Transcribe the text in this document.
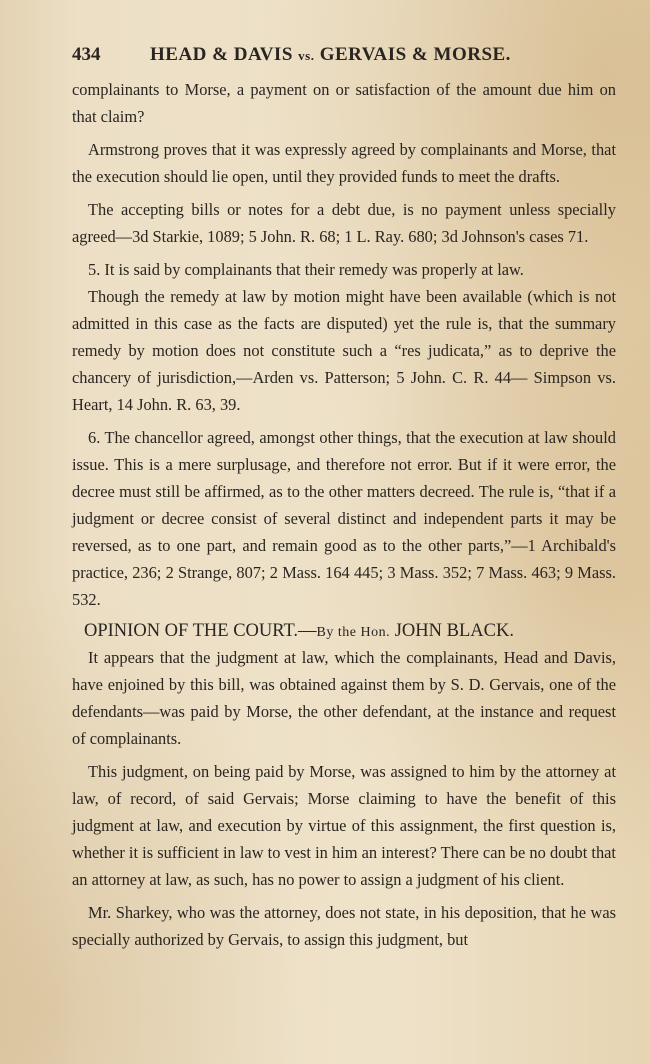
434	HEAD & DAVIS vs. GERVAIS & MORSE.

complainants to Morse, a payment on or satisfaction of the amount due him on that claim?

Armstrong proves that it was expressly agreed by complainants and Morse, that the execution should lie open, until they provided funds to meet the drafts.

The accepting bills or notes for a debt due, is no payment unless specially agreed—3d Starkie, 1089; 5 John. R. 68; 1 L. Ray. 680; 3d Johnson's cases 71.

5. It is said by complainants that their remedy was properly at law.

Though the remedy at law by motion might have been available (which is not admitted in this case as the facts are disputed) yet the rule is, that the summary remedy by motion does not constitute such a “res judicata,” as to deprive the chancery of jurisdiction,—Arden vs. Patterson; 5 John. C. R. 44— Simpson vs. Heart, 14 John. R. 63, 39.

6. The chancellor agreed, amongst other things, that the execution at law should issue. This is a mere surplusage, and therefore not error. But if it were error, the decree must still be affirmed, as to the other matters decreed. The rule is, “that if a judgment or decree consist of several distinct and independent parts it may be reversed, as to one part, and remain good as to the other parts,”—1 Archibald's practice, 236; 2 Strange, 807; 2 Mass. 164 445; 3 Mass. 352; 7 Mass. 463; 9 Mass. 532.

OPINION OF THE COURT.—By the Hon. JOHN BLACK.

It appears that the judgment at law, which the complainants, Head and Davis, have enjoined by this bill, was obtained against them by S. D. Gervais, one of the defendants—was paid by Morse, the other defendant, at the instance and request of complainants.

This judgment, on being paid by Morse, was assigned to him by the attorney at law, of record, of said Gervais; Morse claiming to have the benefit of this judgment at law, and execution by virtue of this assignment, the first question is, whether it is sufficient in law to vest in him an interest? There can be no doubt that an attorney at law, as such, has no power to assign a judgment of his client.

Mr. Sharkey, who was the attorney, does not state, in his deposition, that he was specially authorized by Gervais, to assign this judgment, but
